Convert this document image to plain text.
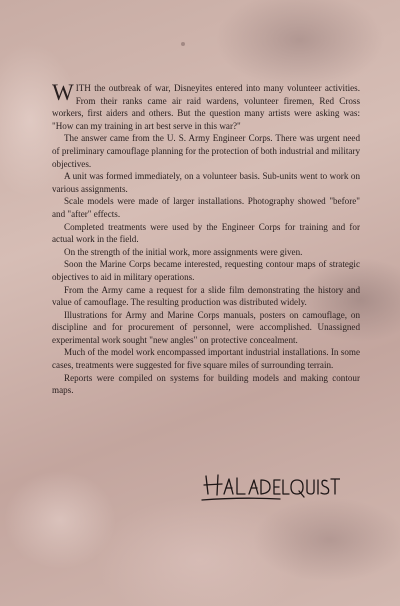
WITH the outbreak of war, Disneyites entered into many volunteer activities. From their ranks came air raid wardens, volunteer firemen, Red Cross workers, first aiders and others. But the question many artists were asking was: "How can my training in art best serve in this war?"

The answer came from the U. S. Army Engineer Corps. There was urgent need of preliminary camouflage planning for the protection of both industrial and military objectives.

A unit was formed immediately, on a volunteer basis. Sub-units went to work on various assignments.

Scale models were made of larger installations. Photography showed "before" and "after" effects.

Completed treatments were used by the Engineer Corps for training and for actual work in the field.

On the strength of the initial work, more assignments were given.

Soon the Marine Corps became interested, requesting contour maps of strategic objectives to aid in military operations.

From the Army came a request for a slide film demonstrating the history and value of camouflage. The resulting production was distributed widely.

Illustrations for Army and Marine Corps manuals, posters on camouflage, on discipline and for procurement of personnel, were accomplished. Unassigned experimental work sought "new angles" on protective concealment.

Much of the model work encompassed important industrial installations. In some cases, treatments were suggested for five square miles of surrounding terrain.

Reports were compiled on systems for building models and making contour maps.
